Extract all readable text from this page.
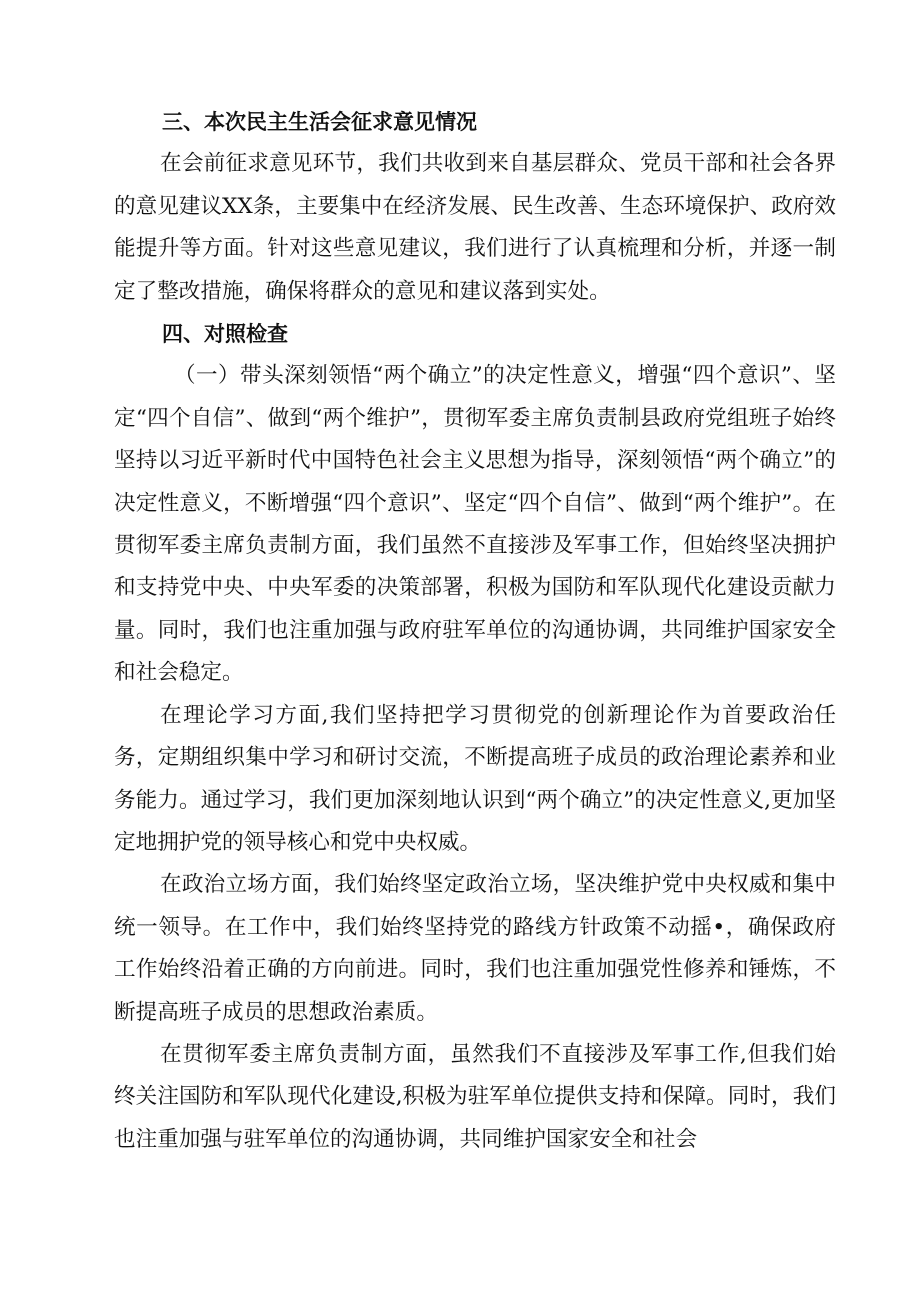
三、本次民主生活会征求意见情况

在会前征求意见环节，我们共收到来自基层群众、党员干部和社会各界的意见建议XX条，主要集中在经济发展、民生改善、生态环境保护、政府效能提升等方面。针对这些意见建议，我们进行了认真梳理和分析，并逐一制定了整改措施，确保将群众的意见和建议落到实处。

四、对照检查

（一）带头深刻领悟“两个确立”的决定性意义，增强“四个意识”、坚定“四个自信”、做到“两个维护”，贯彻军委主席负责制县政府党组班子始终坚持以习近平新时代中国特色社会主义思想为指导，深刻领悟“两个确立”的决定性意义，不断增强“四个意识”、坚定“四个自信”、做到“两个维护”。在贯彻军委主席负责制方面，我们虽然不直接涉及军事工作，但始终坚决拥护和支持党中央、中央军委的决策部署，积极为国防和军队现代化建设贡献力量。同时，我们也注重加强与政府驻军单位的沟通协调，共同维护国家安全和社会稳定。

在理论学习方面,我们坚持把学习贯彻党的创新理论作为首要政治任务，定期组织集中学习和研讨交流，不断提高班子成员的政治理论素养和业务能力。通过学习，我们更加深刻地认识到“两个确立”的决定性意义,更加坚定地拥护党的领导核心和党中央权威。

在政治立场方面，我们始终坚定政治立场，坚决维护党中央权威和集中统一领导。在工作中，我们始终坚持党的路线方针政策不动摇•，确保政府工作始终沿着正确的方向前进。同时，我们也注重加强党性修养和锤炼，不断提高班子成员的思想政治素质。

在贯彻军委主席负责制方面，虽然我们不直接涉及军事工作,但我们始终关注国防和军队现代化建设,积极为驻军单位提供支持和保障。同时，我们也注重加强与驻军单位的沟通协调，共同维护国家安全和社会
